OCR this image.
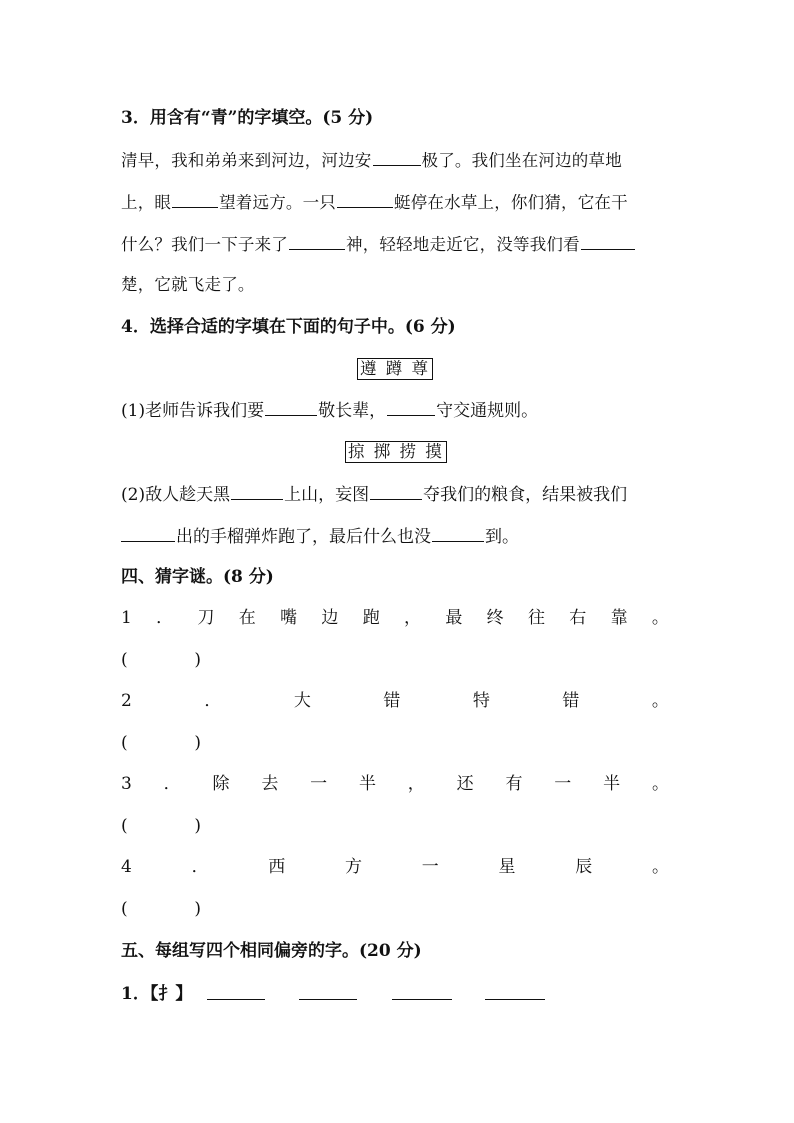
3．用含有“青”的字填空。(5 分)
清早，我和弟弟来到河边，河边安	极了。我们坐在河边的草地
上，眼	望着远方。一只	蜓停在水草上，你们猜，它在干
什么？我们一下子来了	神，轻轻地走近它，没等我们看
楚，它就飞走了。
4．选择合适的字填在下面的句子中。(6 分)
遵 蹲 尊
(1)老师告诉我们要	敬长辈，	守交通规则。
掠 掷 捞 摸
(2)敌人趁天黑	上山，妄图	夺我们的粮食，结果被我们
出的手榴弹炸跑了，最后什么也没	到。
四、猜字谜。(8 分)
1 ． 刀 在 嘴 边 跑 ， 最 终 往 右 靠 。
(	)
2	．	大	错	特	错	。
(	)
3 ． 除 去 一 半 ， 还 有 一 半 。
(	)
4	．	西	方	一	星	辰	。
(	)
五、每组写四个相同偏旁的字。(20 分)
1．【扌】
